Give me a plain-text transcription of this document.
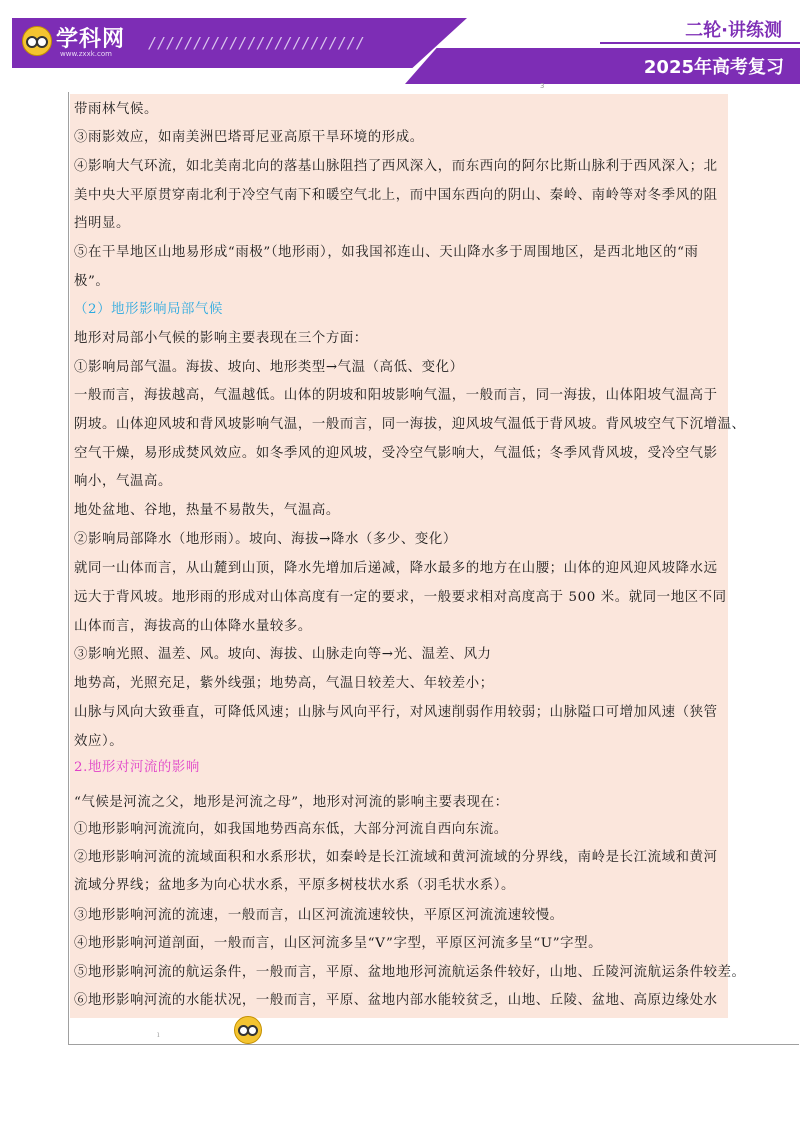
学科网
www.zxxk.com
////////////////////////
二轮·讲练测
2025年高考复习
3
带雨林气候。
③雨影效应，如南美洲巴塔哥尼亚高原干旱环境的形成。
④影响大气环流，如北美南北向的落基山脉阻挡了西风深入，而东西向的阿尔比斯山脉利于西风深入；北
美中央大平原贯穿南北利于冷空气南下和暖空气北上，而中国东西向的阴山、秦岭、南岭等对冬季风的阻
挡明显。
⑤在干旱地区山地易形成“雨极”（地形雨），如我国祁连山、天山降水多于周围地区，是西北地区的“雨
极”。
（2）地形影响局部气候
地形对局部小气候的影响主要表现在三个方面：
①影响局部气温。海拔、坡向、地形类型→气温（高低、变化）
一般而言，海拔越高，气温越低。山体的阴坡和阳坡影响气温，一般而言，同一海拔，山体阳坡气温高于
阴坡。山体迎风坡和背风坡影响气温，一般而言，同一海拔，迎风坡气温低于背风坡。背风坡空气下沉增温、
空气干燥，易形成焚风效应。如冬季风的迎风坡，受冷空气影响大，气温低；冬季风背风坡，受冷空气影
响小，气温高。
地处盆地、谷地，热量不易散失，气温高。
②影响局部降水（地形雨）。坡向、海拔→降水（多少、变化）
就同一山体而言，从山麓到山顶，降水先增加后递减，降水最多的地方在山腰；山体的迎风迎风坡降水远
远大于背风坡。地形雨的形成对山体高度有一定的要求，一般要求相对高度高于 500 米。就同一地区不同
山体而言，海拔高的山体降水量较多。
③影响光照、温差、风。坡向、海拔、山脉走向等→光、温差、风力
地势高，光照充足，紫外线强；地势高，气温日较差大、年较差小；
山脉与风向大致垂直，可降低风速；山脉与风向平行，对风速削弱作用较弱；山脉隘口可增加风速（狭管
效应）。
2.地形对河流的影响
“气候是河流之父，地形是河流之母”，地形对河流的影响主要表现在：
①地形影响河流流向，如我国地势西高东低，大部分河流自西向东流。
②地形影响河流的流域面积和水系形状，如秦岭是长江流域和黄河流域的分界线，南岭是长江流域和黄河
流域分界线；盆地多为向心状水系，平原多树枝状水系（羽毛状水系）。
③地形影响河流的流速，一般而言，山区河流流速较快，平原区河流流速较慢。
④地形影响河道剖面，一般而言，山区河流多呈“V”字型，平原区河流多呈“U”字型。
⑤地形影响河流的航运条件，一般而言，平原、盆地地形河流航运条件较好，山地、丘陵河流航运条件较差。
⑥地形影响河流的水能状况，一般而言，平原、盆地内部水能较贫乏，山地、丘陵、盆地、高原边缘处水
ı
